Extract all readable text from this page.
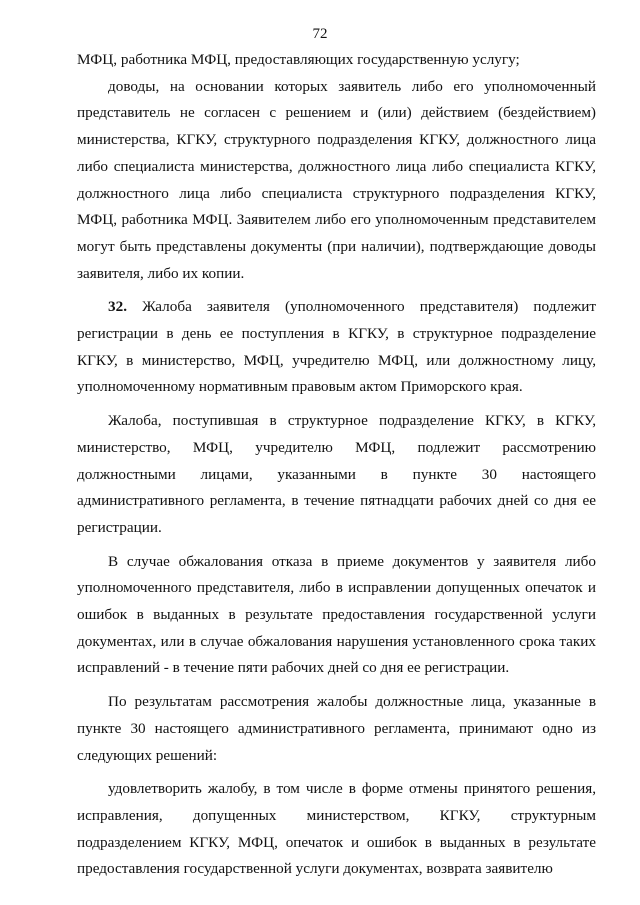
72

МФЦ, работника МФЦ, предоставляющих государственную услугу;

доводы, на основании которых заявитель либо его уполномоченный представитель не согласен с решением и (или) действием (бездействием) министерства, КГКУ, структурного подразделения КГКУ, должностного лица либо специалиста министерства, должностного лица либо специалиста КГКУ, должностного лица либо специалиста структурного подразделения КГКУ, МФЦ, работника МФЦ. Заявителем либо его уполномоченным представителем могут быть представлены документы (при наличии), подтверждающие доводы заявителя, либо их копии.

32. Жалоба заявителя (уполномоченного представителя) подлежит регистрации в день ее поступления в КГКУ, в структурное подразделение КГКУ, в министерство, МФЦ, учредителю МФЦ, или должностному лицу, уполномоченному нормативным правовым актом Приморского края.

Жалоба, поступившая в структурное подразделение КГКУ, в КГКУ, министерство, МФЦ, учредителю МФЦ, подлежит рассмотрению должностными лицами, указанными в пункте 30 настоящего административного регламента, в течение пятнадцати рабочих дней со дня ее регистрации.

В случае обжалования отказа в приеме документов у заявителя либо уполномоченного представителя, либо в исправлении допущенных опечаток и ошибок в выданных в результате предоставления государственной услуги документах, или в случае обжалования нарушения установленного срока таких исправлений - в течение пяти рабочих дней со дня ее регистрации.

По результатам рассмотрения жалобы должностные лица, указанные в пункте 30 настоящего административного регламента, принимают одно из следующих решений:

удовлетворить жалобу, в том числе в форме отмены принятого решения, исправления, допущенных министерством, КГКУ, структурным подразделением КГКУ, МФЦ, опечаток и ошибок в выданных в результате предоставления государственной услуги документах, возврата заявителю
